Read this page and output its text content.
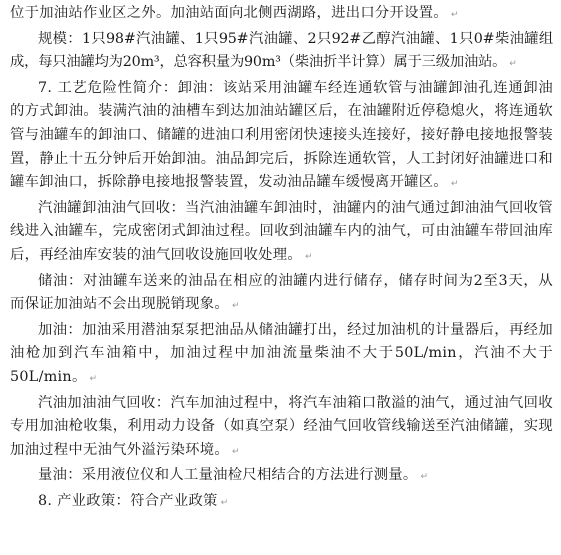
位于加油站作业区之外。加油站面向北侧西湖路，进出口分开设置。 ↵

规模：1只98#汽油罐、1只95#汽油罐、2只92#乙醇汽油罐、1只0#柴油罐组成，每只油罐均为20m³，总容积量为90m³（柴油折半计算）属于三级加油站。 ↵

7. 工艺危险性简介：卸油：该站采用油罐车经连通软管与油罐卸油孔连通卸油的方式卸油。装满汽油的油槽车到达加油站罐区后，在油罐附近停稳熄火，将连通软管与油罐车的卸油口、储罐的进油口利用密闭快速接头连接好，接好静电接地报警装置，静止十五分钟后开始卸油。油品卸完后，拆除连通软管，人工封闭好油罐进口和罐车卸油口，拆除静电接地报警装置，发动油品罐车缓慢离开罐区。 ↵

汽油罐卸油油气回收：当汽油油罐车卸油时，油罐内的油气通过卸油油气回收管线进入油罐车，完成密闭式卸油过程。回收到油罐车内的油气，可由油罐车带回油库后，再经油库安装的油气回收设施回收处理。 ↵

储油：对油罐车送来的油品在相应的油罐内进行储存，储存时间为2至3天，从而保证加油站不会出现脱销现象。 ↵

加油：加油采用潜油泵泵把油品从储油罐打出，经过加油机的计量器后，再经加油枪加到汽车油箱中，加油过程中加油流量柴油不大于50L/min，汽油不大于50L/min。 ↵

汽油加油油气回收：汽车加油过程中，将汽车油箱口散溢的油气，通过油气回收专用加油枪收集，利用动力设备（如真空泵）经油气回收管线输送至汽油储罐，实现加油过程中无油气外溢污染环境。 ↵

量油：采用液位仪和人工量油检尺相结合的方法进行测量。 ↵

8. 产业政策：符合产业政策 ↵
